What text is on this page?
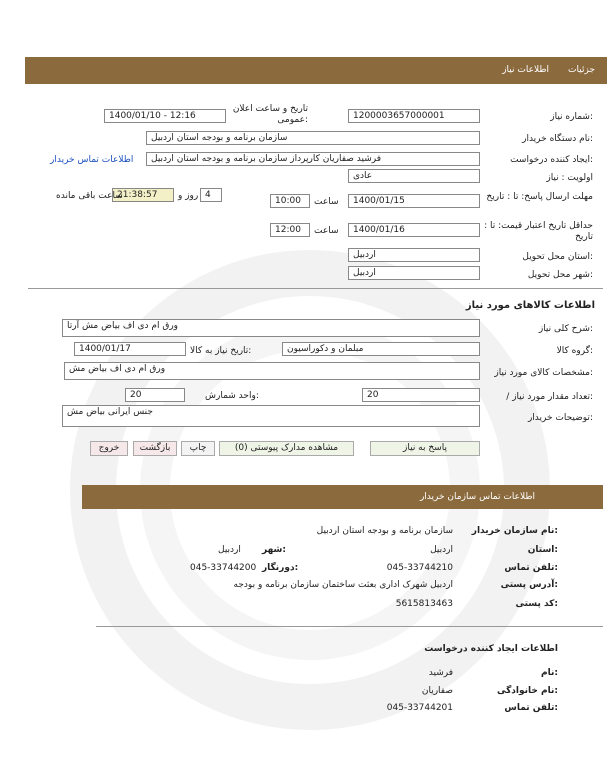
جزئیات
اطلاعات نیاز
شماره نیاز:
1200003657000001
تاریخ و ساعت اعلان عمومی:
1400/01/10 - 12:16
نام دستگاه خریدار:
سازمان برنامه و بودجه استان اردبیل
ایجاد کننده درخواست:
فرشید صفاریان کارپرداز سازمان برنامه و بودجه استان اردبیل
اطلاعات تماس خریدار
اولویت : نیاز
عادی
مهلت ارسال پاسخ: تا : تاریخ
1400/01/15
ساعت
10:00
4
روز و
21:38:57
ساعت باقی مانده
حداقل تاریخ اعتبار قیمت: تا : تاریخ
1400/01/16
ساعت
12:00
استان محل تحویل:
اردبیل
شهر محل تحویل:
اردبیل
اطلاعات کالاهای مورد نیاز
شرح کلی نیاز:
ورق ام دی اف بیاض مش آرتا
گروه کالا:
مبلمان و دکوراسیون
تاریخ نیاز به کالا:
1400/01/17
مشخصات کالای مورد نیاز:
ورق ام دی اف بیاض مش
/ تعداد مقدار مورد نیاز:
20
واحد شمارش:
20
توضیحات خریدار:
جنس ایرانی بیاض مش
پاسخ به نیاز
مشاهده مدارک پیوستی (0)
چاپ
بازگشت
خروج
اطلاعات تماس سازمان خریدار
نام سازمان خریدار:
سازمان برنامه و بودجه استان اردبیل
استان:
اردبیل
شهر:
اردبیل
تلفن تماس:
045-33744210
دورنگار:
045-33744200
آدرس پستی:
اردبیل شهرک اداری بعثت ساختمان سازمان برنامه و بودجه
کد پستی:
5615813463
اطلاعات ایجاد کننده درخواست
نام:
فرشید
نام خانوادگی:
صفاریان
تلفن تماس:
045-33744201
